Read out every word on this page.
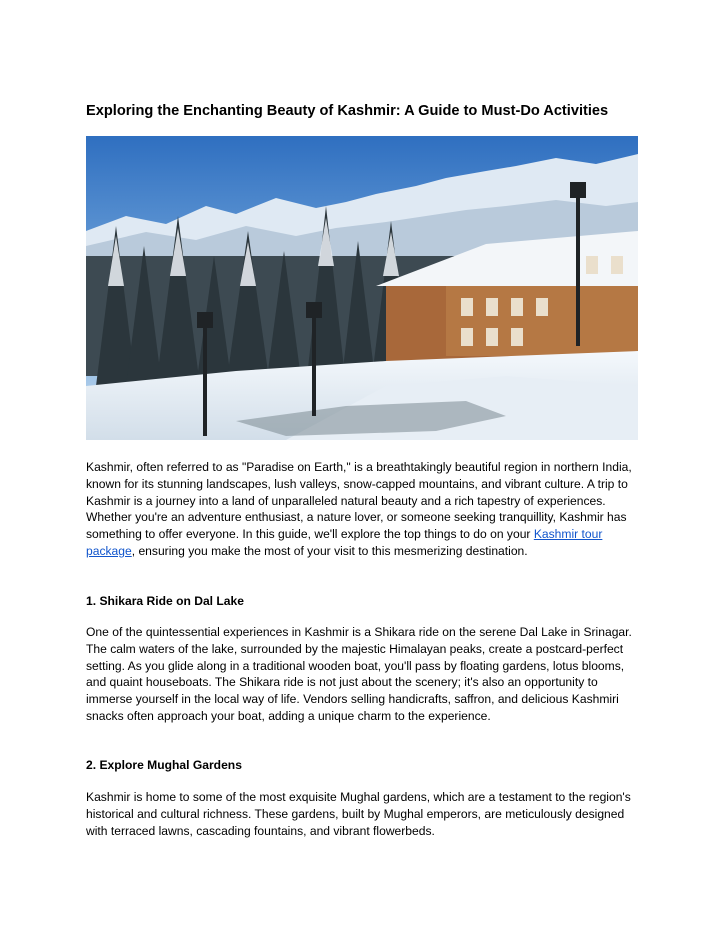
Exploring the Enchanting Beauty of Kashmir: A Guide to Must-Do Activities

Kashmir, often referred to as "Paradise on Earth," is a breathtakingly beautiful region in northern India, known for its stunning landscapes, lush valleys, snow-capped mountains, and vibrant culture. A trip to Kashmir is a journey into a land of unparalleled natural beauty and a rich tapestry of experiences. Whether you're an adventure enthusiast, a nature lover, or someone seeking tranquillity, Kashmir has something to offer everyone. In this guide, we'll explore the top things to do on your Kashmir tour package, ensuring you make the most of your visit to this mesmerizing destination.

1. Shikara Ride on Dal Lake

One of the quintessential experiences in Kashmir is a Shikara ride on the serene Dal Lake in Srinagar. The calm waters of the lake, surrounded by the majestic Himalayan peaks, create a postcard-perfect setting. As you glide along in a traditional wooden boat, you'll pass by floating gardens, lotus blooms, and quaint houseboats. The Shikara ride is not just about the scenery; it's also an opportunity to immerse yourself in the local way of life. Vendors selling handicrafts, saffron, and delicious Kashmiri snacks often approach your boat, adding a unique charm to the experience.

2. Explore Mughal Gardens

Kashmir is home to some of the most exquisite Mughal gardens, which are a testament to the region's historical and cultural richness. These gardens, built by Mughal emperors, are meticulously designed with terraced lawns, cascading fountains, and vibrant flowerbeds.
